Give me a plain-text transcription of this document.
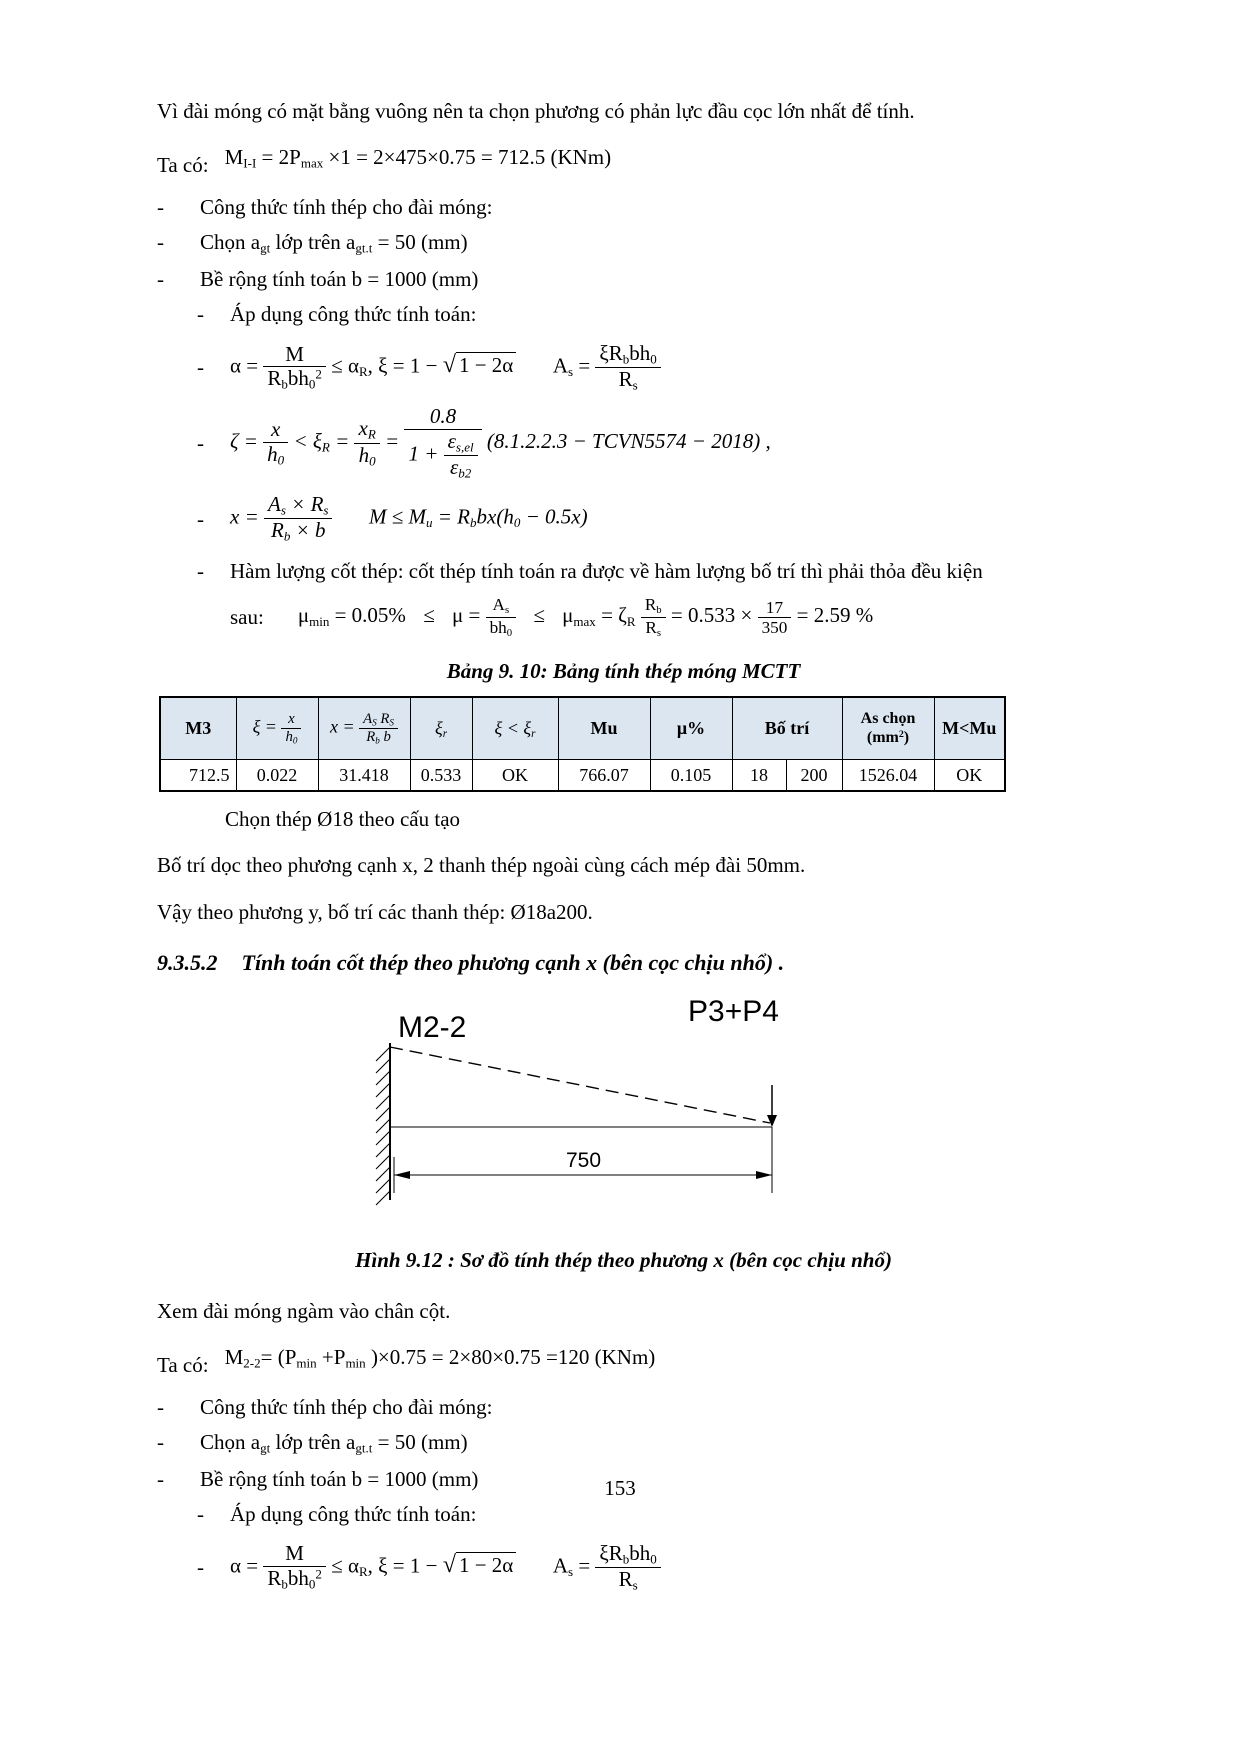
Vì đài móng có mặt bằng vuông nên ta chọn phương có phản lực đầu cọc lớn nhất để tính.

Ta có: $M_{I-I} = 2P_{max} \times 1 = 2\times 475\times 0.75 = 712.5$ (KNm)
-	Công thức tính thép cho đài móng:
-	Chọn $a_{gt}$ lớp trên $a_{gt.t} = 50$ (mm)
-	Bề rộng tính toán b = 1000 (mm)
-	Áp dụng công thức tính toán:
-	$\alpha = \frac{M}{R_bbh_0^2} \le \alpha_R$, ξ = 1 − √ 1 − 2α $A_s = \frac{\xi R_bbh_0}{R_s}$
-	$\zeta = \frac{x}{h_0} < \xi_R = \frac{x_R}{h_0} = \frac{0.8}{1 + \frac{\varepsilon_{s,el}}{\varepsilon_{b2}}} (8.1.2.2.3$ − TCVN5574 − 2018) ,
-	$x = \frac{A_s \times R_s}{R_b \times b}$ $M \le M_u = R_bbx(h_0 - 0.5x)$
-	Hàm lượng cốt thép: cốt thép tính toán ra được về hàm lượng bố trí thì phải thỏa đều kiện
sau: $\mu_{min} = 0.05\% \le \mu = \frac{A_s}{bh_0} \le \mu_{max} = \zeta_R \frac{R_b}{R_s} = 0.533 \times \frac{17}{350} = 2.59$ %
Bảng 9. 10: Bảng tính thép móng MCTT
M3	$\xi = \frac{x}{h_0}$	$x = \frac{A_S R_S}{R_b b}$	$\xi_r$	$\xi < \xi_r$	Mu	μ%	Bố trí		As chọn
$(mm^2)$	M<Mu
712.5	0.022	31.418	0.533	OK	766.07	0.105	18	200	1526.04	OK

Chọn thép Ø18 theo cấu tạo

Bố trí dọc theo phương cạnh x, 2 thanh thép ngoài cùng cách mép đài 50mm.

Vậy theo phương y, bố trí các thanh thép: Ø18a200.

9.3.5.2 Tính toán cốt thép theo phương cạnh x (bên cọc chịu nhổ) .
M2-2	P3+P4
750
Hình 9.12 : Sơ đồ tính thép theo phương x (bên cọc chịu nhổ)

Xem đài móng ngàm vào chân cột.

Ta có: $M_{2-2}= (P_{min} +P_{min}$ )×0.75 = 2×80×0.75 =120 (KNm)
-	Công thức tính thép cho đài móng:
-	Chọn $a_{gt}$ lớp trên $a_{gt.t} = 50$ (mm)
-	Bề rộng tính toán b = 1000 (mm)
-	Áp dụng công thức tính toán:
-	$\alpha = \frac{M}{R_bbh_0^2} \le \alpha_R$, ξ = 1 − √ 1 − 2α $A_s = \frac{\xi R_bbh_0}{R_s}$
153
